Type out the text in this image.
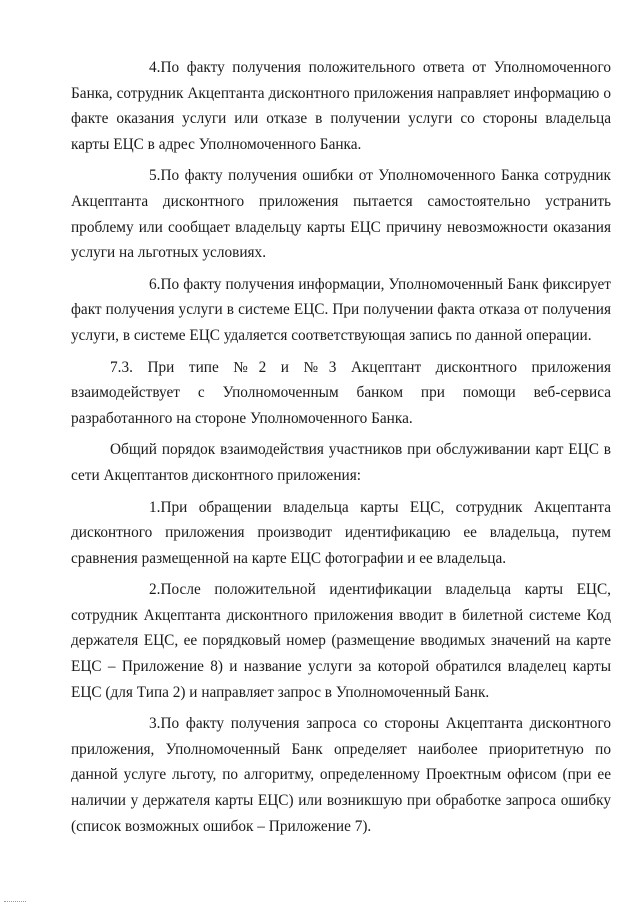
4.По факту получения положительного ответа от Уполномоченного Банка, сотрудник Акцептанта дисконтного приложения направляет информацию о факте оказания услуги или отказе в получении услуги со стороны владельца карты ЕЦС в адрес Уполномоченного Банка.

5.По факту получения ошибки от Уполномоченного Банка сотрудник Акцептанта дисконтного приложения пытается самостоятельно устранить проблему или сообщает владельцу карты ЕЦС причину невозможности оказания услуги на льготных условиях.

6.По факту получения информации, Уполномоченный Банк фиксирует факт получения услуги в системе ЕЦС. При получении факта отказа от получения услуги, в системе ЕЦС удаляется соответствующая запись по данной операции.

7.3. При типе №2 и №3 Акцептант дисконтного приложения взаимодействует с Уполномоченным банком при помощи веб-сервиса разработанного на стороне Уполномоченного Банка.

Общий порядок взаимодействия участников при обслуживании карт ЕЦС в сети Акцептантов дисконтного приложения:

1.При обращении владельца карты ЕЦС, сотрудник Акцептанта дисконтного приложения производит идентификацию ее владельца, путем сравнения размещенной на карте ЕЦС фотографии и ее владельца.

2.После положительной идентификации владельца карты ЕЦС, сотрудник Акцептанта дисконтного приложения вводит в билетной системе Код держателя ЕЦС, ее порядковый номер (размещение вводимых значений на карте ЕЦС – Приложение 8) и название услуги за которой обратился владелец карты ЕЦС (для Типа 2) и направляет запрос в Уполномоченный Банк.

3.По факту получения запроса со стороны Акцептанта дисконтного приложения, Уполномоченный Банк определяет наиболее приоритетную по данной услуге льготу, по алгоритму, определенному Проектным офисом (при ее наличии у держателя карты ЕЦС) или возникшую при обработке запроса ошибку (список возможных ошибок – Приложение 7).
